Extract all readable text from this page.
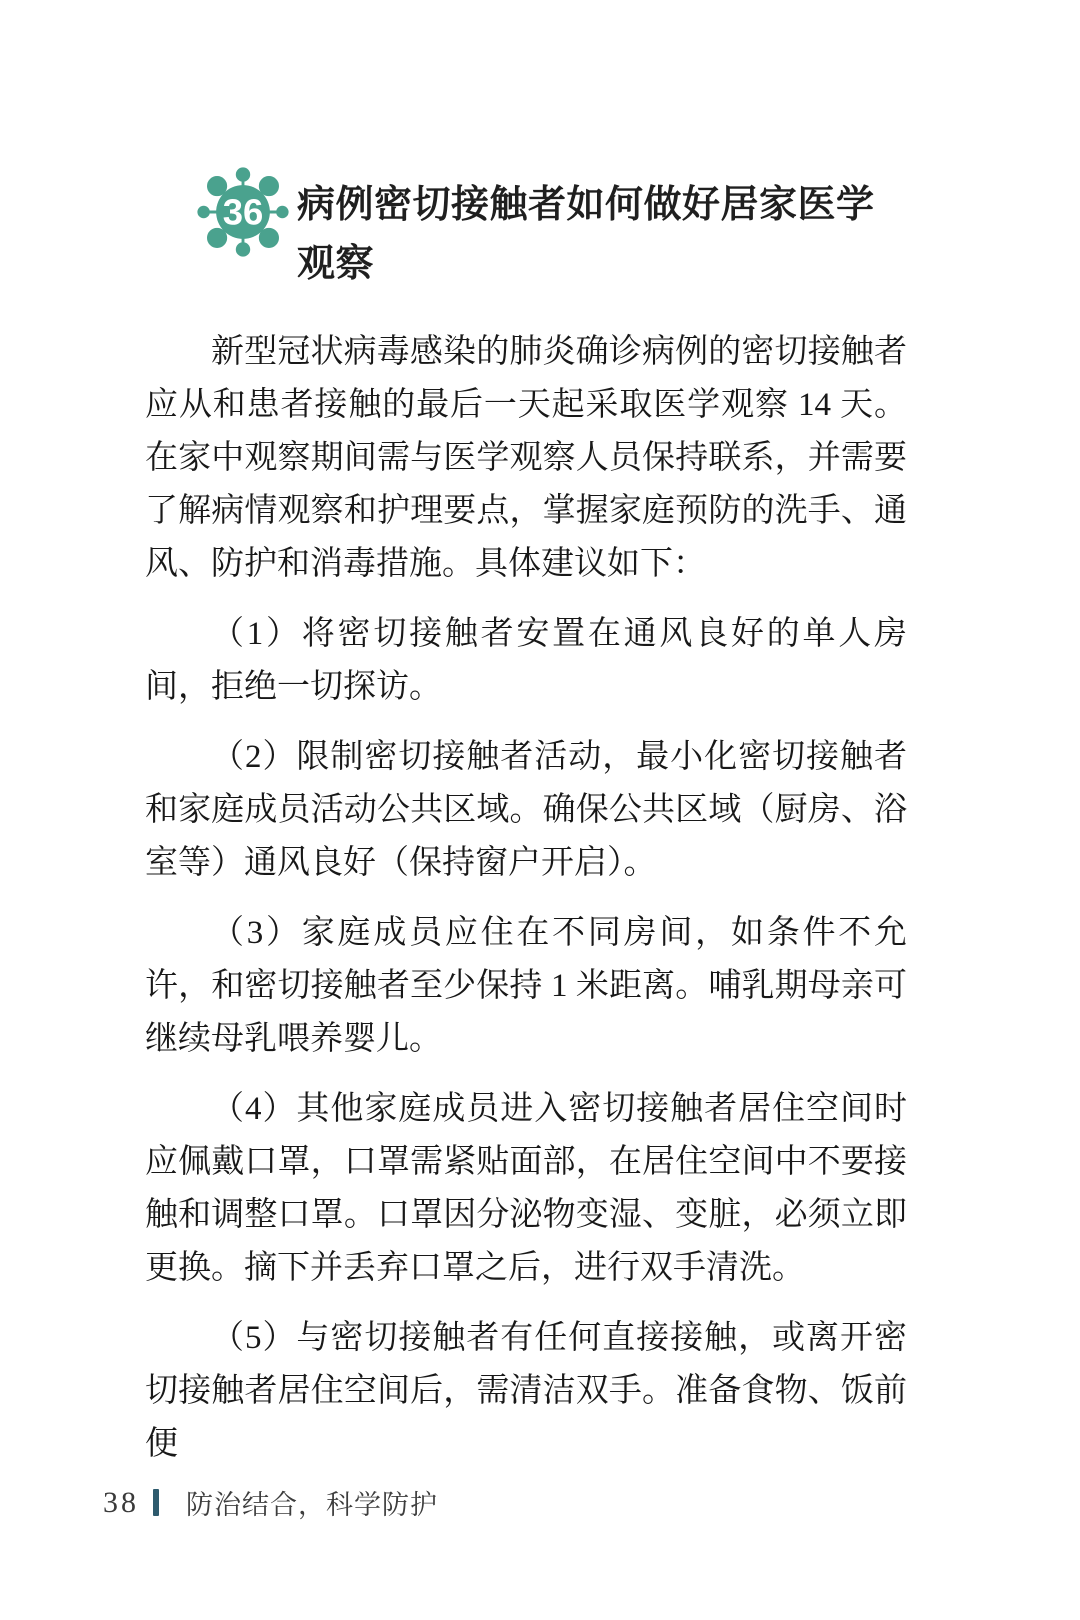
36 病例密切接触者如何做好居家医学观察

新型冠状病毒感染的肺炎确诊病例的密切接触者应从和患者接触的最后一天起采取医学观察 14 天。在家中观察期间需与医学观察人员保持联系，并需要了解病情观察和护理要点，掌握家庭预防的洗手、通风、防护和消毒措施。具体建议如下：

（1）将密切接触者安置在通风良好的单人房间，拒绝一切探访。

（2）限制密切接触者活动，最小化密切接触者和家庭成员活动公共区域。确保公共区域（厨房、浴室等）通风良好（保持窗户开启）。

（3）家庭成员应住在不同房间，如条件不允许，和密切接触者至少保持 1 米距离。哺乳期母亲可继续母乳喂养婴儿。

（4）其他家庭成员进入密切接触者居住空间时应佩戴口罩，口罩需紧贴面部，在居住空间中不要接触和调整口罩。口罩因分泌物变湿、变脏，必须立即更换。摘下并丢弃口罩之后，进行双手清洗。

（5）与密切接触者有任何直接接触，或离开密切接触者居住空间后，需清洁双手。准备食物、饭前便

38 防治结合，科学防护
